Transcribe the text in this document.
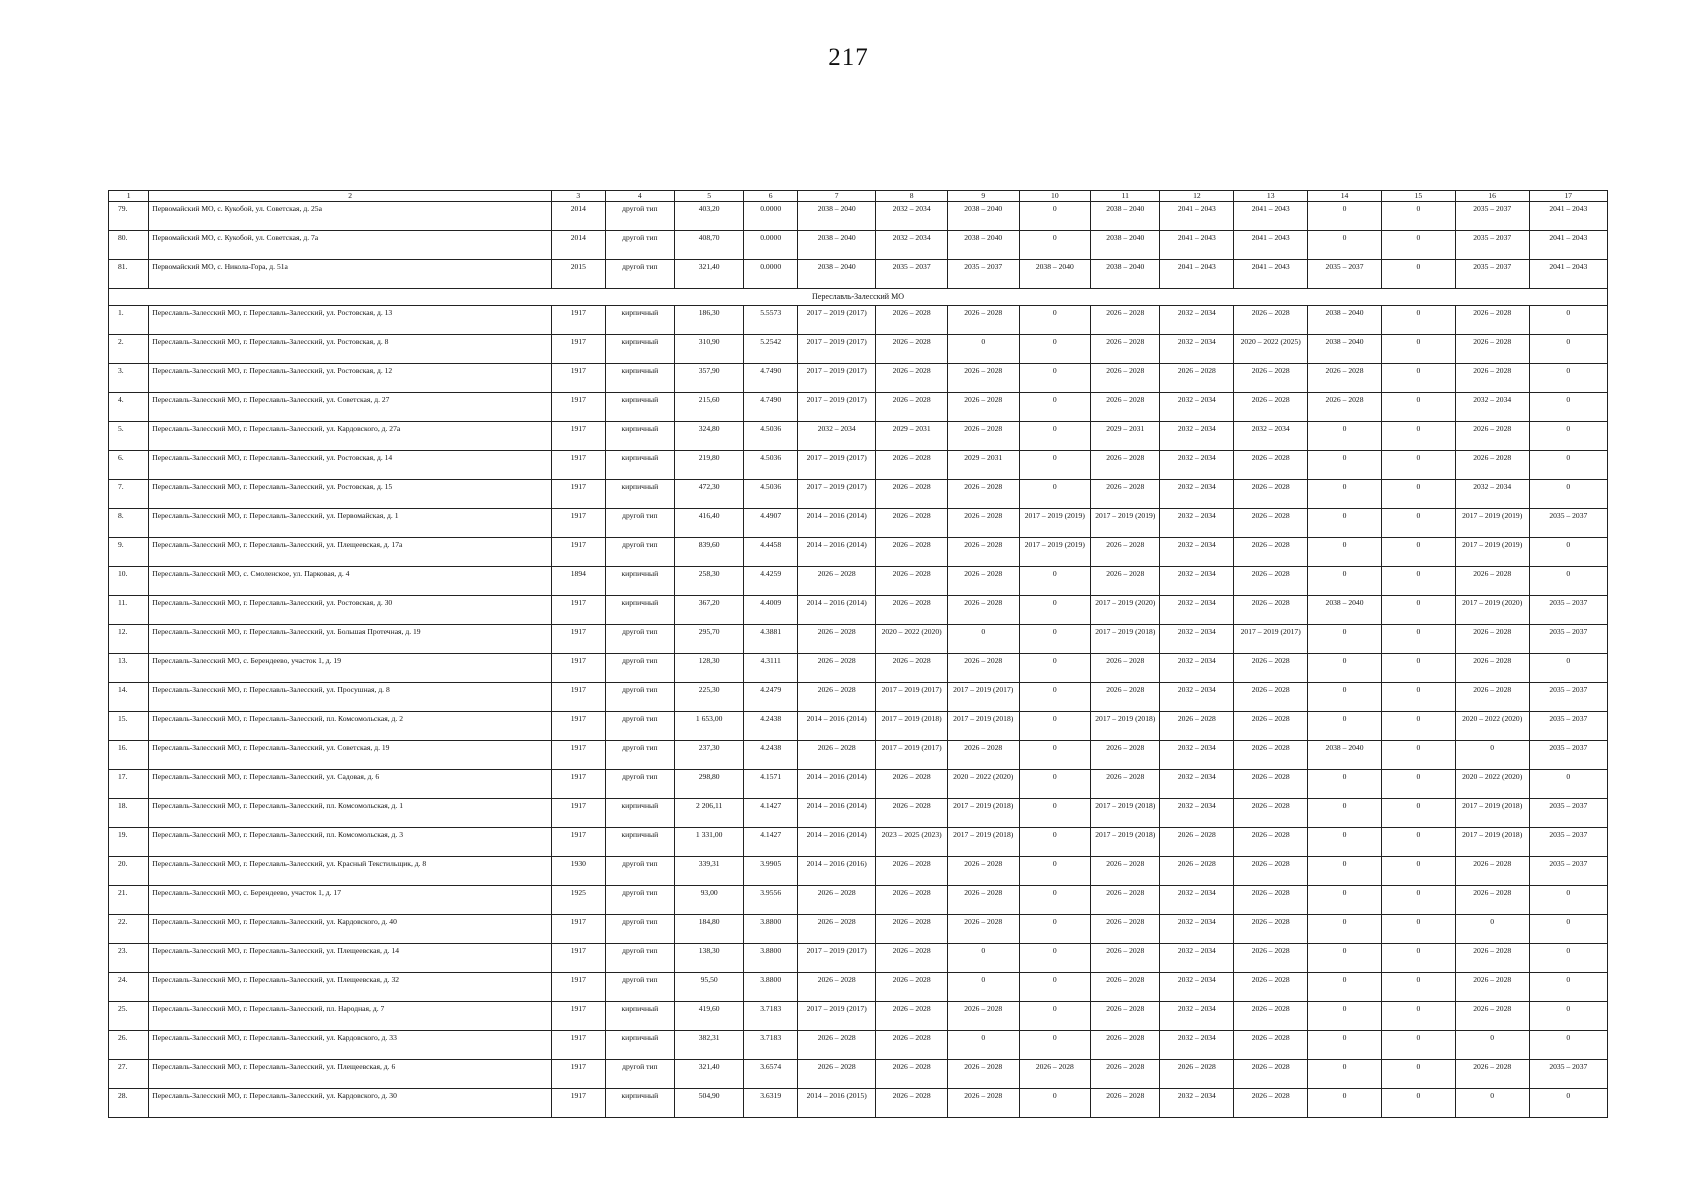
217
1	2	3	4	5	6	7	8	9	10	11	12	13	14	15	16	17
79.	Первомайский МО, с. Кукобой, ул. Советская, д. 25а	2014	другой тип	403,20	0.0000	2038 – 2040	2032 – 2034	2038 – 2040	0	2038 – 2040	2041 – 2043	2041 – 2043	0	0	2035 – 2037	2041 – 2043
80.	Первомайский МО, с. Кукобой, ул. Советская, д. 7а	2014	другой тип	408,70	0.0000	2038 – 2040	2032 – 2034	2038 – 2040	0	2038 – 2040	2041 – 2043	2041 – 2043	0	0	2035 – 2037	2041 – 2043
81.	Первомайский МО, с. Никола-Гора, д. 51а	2015	другой тип	321,40	0.0000	2038 – 2040	2035 – 2037	2035 – 2037	2038 – 2040	2038 – 2040	2041 – 2043	2041 – 2043	2035 – 2037	0	2035 – 2037	2041 – 2043
Переславль-Залесский МО																
1.	Переславль-Залесский МО, г. Переславль-Залесский, ул. Ростовская, д. 13	1917	кирпичный	186,30	5.5573	2017 – 2019 (2017)	2026 – 2028	2026 – 2028	0	2026 – 2028	2032 – 2034	2026 – 2028	2038 – 2040	0	2026 – 2028	0
2.	Переславль-Залесский МО, г. Переславль-Залесский, ул. Ростовская, д. 8	1917	кирпичный	310,90	5.2542	2017 – 2019 (2017)	2026 – 2028	0	0	2026 – 2028	2032 – 2034	2020 – 2022 (2025)	2038 – 2040	0	2026 – 2028	0
3.	Переславль-Залесский МО, г. Переславль-Залесский, ул. Ростовская, д. 12	1917	кирпичный	357,90	4.7490	2017 – 2019 (2017)	2026 – 2028	2026 – 2028	0	2026 – 2028	2026 – 2028	2026 – 2028	2026 – 2028	0	2026 – 2028	0
4.	Переславль-Залесский МО, г. Переславль-Залесский, ул. Советская, д. 27	1917	кирпичный	215,60	4.7490	2017 – 2019 (2017)	2026 – 2028	2026 – 2028	0	2026 – 2028	2032 – 2034	2026 – 2028	2026 – 2028	0	2032 – 2034	0
5.	Переславль-Залесский МО, г. Переславль-Залесский, ул. Кардовского, д. 27а	1917	кирпичный	324,80	4.5036	2032 – 2034	2029 – 2031	2026 – 2028	0	2029 – 2031	2032 – 2034	2032 – 2034	0	0	2026 – 2028	0
6.	Переславль-Залесский МО, г. Переславль-Залесский, ул. Ростовская, д. 14	1917	кирпичный	219,80	4.5036	2017 – 2019 (2017)	2026 – 2028	2029 – 2031	0	2026 – 2028	2032 – 2034	2026 – 2028	0	0	2026 – 2028	0
7.	Переславль-Залесский МО, г. Переславль-Залесский, ул. Ростовская, д. 15	1917	кирпичный	472,30	4.5036	2017 – 2019 (2017)	2026 – 2028	2026 – 2028	0	2026 – 2028	2032 – 2034	2026 – 2028	0	0	2032 – 2034	0
8.	Переславль-Залесский МО, г. Переславль-Залесский, ул. Первомайская, д. 1	1917	другой тип	416,40	4.4907	2014 – 2016 (2014)	2026 – 2028	2026 – 2028	2017 – 2019 (2019)	2017 – 2019 (2019)	2032 – 2034	2026 – 2028	0	0	2017 – 2019 (2019)	2035 – 2037
9.	Переславль-Залесский МО, г. Переславль-Залесский, ул. Плещеевская, д. 17а	1917	другой тип	839,60	4.4458	2014 – 2016 (2014)	2026 – 2028	2026 – 2028	2017 – 2019 (2019)	2026 – 2028	2032 – 2034	2026 – 2028	0	0	2017 – 2019 (2019)	0
10.	Переславль-Залесский МО, с. Смоленское, ул. Парковая, д. 4	1894	кирпичный	258,30	4.4259	2026 – 2028	2026 – 2028	2026 – 2028	0	2026 – 2028	2032 – 2034	2026 – 2028	0	0	2026 – 2028	0
11.	Переславль-Залесский МО, г. Переславль-Залесский, ул. Ростовская, д. 30	1917	кирпичный	367,20	4.4009	2014 – 2016 (2014)	2026 – 2028	2026 – 2028	0	2017 – 2019 (2020)	2032 – 2034	2026 – 2028	2038 – 2040	0	2017 – 2019 (2020)	2035 – 2037
12.	Переславль-Залесский МО, г. Переславль-Залесский, ул. Большая Протечная, д. 19	1917	другой тип	295,70	4.3881	2026 – 2028	2020 – 2022 (2020)	0	0	2017 – 2019 (2018)	2032 – 2034	2017 – 2019 (2017)	0	0	2026 – 2028	2035 – 2037
13.	Переславль-Залесский МО, с. Берендеево, участок 1, д. 19	1917	другой тип	128,30	4.3111	2026 – 2028	2026 – 2028	2026 – 2028	0	2026 – 2028	2032 – 2034	2026 – 2028	0	0	2026 – 2028	0
14.	Переславль-Залесский МО, г. Переславль-Залесский, ул. Просушная, д. 8	1917	другой тип	225,30	4.2479	2026 – 2028	2017 – 2019 (2017)	2017 – 2019 (2017)	0	2026 – 2028	2032 – 2034	2026 – 2028	0	0	2026 – 2028	2035 – 2037
15.	Переславль-Залесский МО, г. Переславль-Залесский, пл. Комсомольская, д. 2	1917	другой тип	1 653,00	4.2438	2014 – 2016 (2014)	2017 – 2019 (2018)	2017 – 2019 (2018)	0	2017 – 2019 (2018)	2026 – 2028	2026 – 2028	0	0	2020 – 2022 (2020)	2035 – 2037
16.	Переславль-Залесский МО, г. Переславль-Залесский, ул. Советская, д. 19	1917	другой тип	237,30	4.2438	2026 – 2028	2017 – 2019 (2017)	2026 – 2028	0	2026 – 2028	2032 – 2034	2026 – 2028	2038 – 2040	0	0	2035 – 2037
17.	Переславль-Залесский МО, г. Переславль-Залесский, ул. Садовая, д. 6	1917	другой тип	298,80	4.1571	2014 – 2016 (2014)	2026 – 2028	2020 – 2022 (2020)	0	2026 – 2028	2032 – 2034	2026 – 2028	0	0	2020 – 2022 (2020)	0
18.	Переславль-Залесский МО, г. Переславль-Залесский, пл. Комсомольская, д. 1	1917	кирпичный	2 206,11	4.1427	2014 – 2016 (2014)	2026 – 2028	2017 – 2019 (2018)	0	2017 – 2019 (2018)	2032 – 2034	2026 – 2028	0	0	2017 – 2019 (2018)	2035 – 2037
19.	Переславль-Залесский МО, г. Переславль-Залесский, пл. Комсомольская, д. 3	1917	кирпичный	1 331,00	4.1427	2014 – 2016 (2014)	2023 – 2025 (2023)	2017 – 2019 (2018)	0	2017 – 2019 (2018)	2026 – 2028	2026 – 2028	0	0	2017 – 2019 (2018)	2035 – 2037
20.	Переславль-Залесский МО, г. Переславль-Залесский, ул. Красный Текстильщик, д. 8	1930	другой тип	339,31	3.9905	2014 – 2016 (2016)	2026 – 2028	2026 – 2028	0	2026 – 2028	2026 – 2028	2026 – 2028	0	0	2026 – 2028	2035 – 2037
21.	Переславль-Залесский МО, с. Берендеево, участок 1, д. 17	1925	другой тип	93,00	3.9556	2026 – 2028	2026 – 2028	2026 – 2028	0	2026 – 2028	2032 – 2034	2026 – 2028	0	0	2026 – 2028	0
22.	Переславль-Залесский МО, г. Переславль-Залесский, ул. Кардовского, д. 40	1917	другой тип	184,80	3.8800	2026 – 2028	2026 – 2028	2026 – 2028	0	2026 – 2028	2032 – 2034	2026 – 2028	0	0	0	0
23.	Переславль-Залесский МО, г. Переславль-Залесский, ул. Плещеевская, д. 14	1917	другой тип	138,30	3.8800	2017 – 2019 (2017)	2026 – 2028	0	0	2026 – 2028	2032 – 2034	2026 – 2028	0	0	2026 – 2028	0
24.	Переславль-Залесский МО, г. Переславль-Залесский, ул. Плещеевская, д. 32	1917	другой тип	95,50	3.8800	2026 – 2028	2026 – 2028	0	0	2026 – 2028	2032 – 2034	2026 – 2028	0	0	2026 – 2028	0
25.	Переславль-Залесский МО, г. Переславль-Залесский, пл. Народная, д. 7	1917	кирпичный	419,60	3.7183	2017 – 2019 (2017)	2026 – 2028	2026 – 2028	0	2026 – 2028	2032 – 2034	2026 – 2028	0	0	2026 – 2028	0
26.	Переславль-Залесский МО, г. Переславль-Залесский, ул. Кардовского, д. 33	1917	кирпичный	382,31	3.7183	2026 – 2028	2026 – 2028	0	0	2026 – 2028	2032 – 2034	2026 – 2028	0	0	0	0
27.	Переславль-Залесский МО, г. Переславль-Залесский, ул. Плещеевская, д. 6	1917	другой тип	321,40	3.6574	2026 – 2028	2026 – 2028	2026 – 2028	2026 – 2028	2026 – 2028	2026 – 2028	2026 – 2028	0	0	2026 – 2028	2035 – 2037
28.	Переславль-Залесский МО, г. Переславль-Залесский, ул. Кардовского, д. 30	1917	кирпичный	504,90	3.6319	2014 – 2016 (2015)	2026 – 2028	2026 – 2028	0	2026 – 2028	2032 – 2034	2026 – 2028	0	0	0	0
